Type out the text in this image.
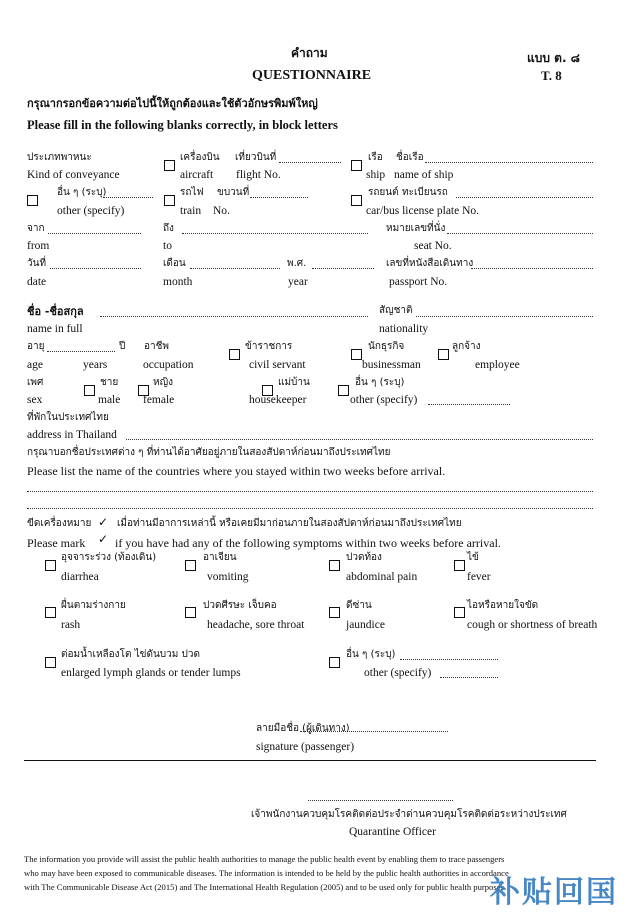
คำถาม
QUESTIONNAIRE
แบบ ต. ๘
T. 8
กรุณากรอกข้อความต่อไปนี้ให้ถูกต้องและใช้ตัวอักษรพิมพ์ใหญ่
Please fill in the following blanks correctly, in block letters
ประเภทพาหนะ
Kind of conveyance
เครื่องบิน
aircraft
เที่ยวบินที่
flight No.
เรือ ชื่อเรือ
ship name of ship
อื่น ๆ (ระบุ)
other (specify)
รถไฟ ขบวนที่
train No.
รถยนต์ ทะเบียนรถ
car/bus license plate No.
จาก
from
ถึง
to
หมายเลขที่นั่ง
seat No.
วันที่
date
เดือน
month
พ.ศ.
year
เลขที่หนังสือเดินทาง
passport No.
ชื่อ -ชื่อสกุล
name in full
สัญชาติ
nationality
อายุ	ปี
age	years
อาชีพ
occupation
ข้าราชการ
civil servant
นักธุรกิจ
businessman
ลูกจ้าง
employee
เพศ
sex
ชาย
male
หญิง
female
แม่บ้าน
housekeeper
อื่น ๆ (ระบุ)
other (specify)
ที่พักในประเทศไทย
address in Thailand
กรุณาบอกชื่อประเทศต่าง ๆ ที่ท่านได้อาศัยอยู่ภายในสองสัปดาห์ก่อนมาถึงประเทศไทย
Please list the name of the countries where you stayed within two weeks before arrival.
ขีดเครื่องหมาย ✓ เมื่อท่านมีอาการเหล่านี้ หรือเคยมีมาก่อนภายในสองสัปดาห์ก่อนมาถึงประเทศไทย
Please mark ✓ if you have had any of the following symptoms within two weeks before arrival.
อุจจาระร่วง (ท้องเดิน)
diarrhea
อาเจียน
vomiting
ปวดท้อง
abdominal pain
ไข้
fever
ผื่นตามร่างกาย
rash
ปวดศีรษะ เจ็บคอ
headache, sore throat
ดีซ่าน
jaundice
ไอหรือหายใจขัด
cough or shortness of breath
ต่อมน้ำเหลืองโต ไข่ดันบวม ปวด
enlarged lymph glands or tender lumps
อื่น ๆ (ระบุ)
other (specify)
ลายมือชื่อ (ผู้เดินทาง)
signature (passenger)
เจ้าพนักงานควบคุมโรคติดต่อประจำด่านควบคุมโรคติดต่อระหว่างประเทศ
Quarantine Officer
The information you provide will assist the public health authorities to manage the public health event by enabling them to trace passengers
who may have been exposed to communicable diseases. The information is intended to be held by the public health authorities in accordance
with The Communicable Disease Act (2015) and The International Health Regulation (2005) and to be used only for public health purposes.
补贴回国
